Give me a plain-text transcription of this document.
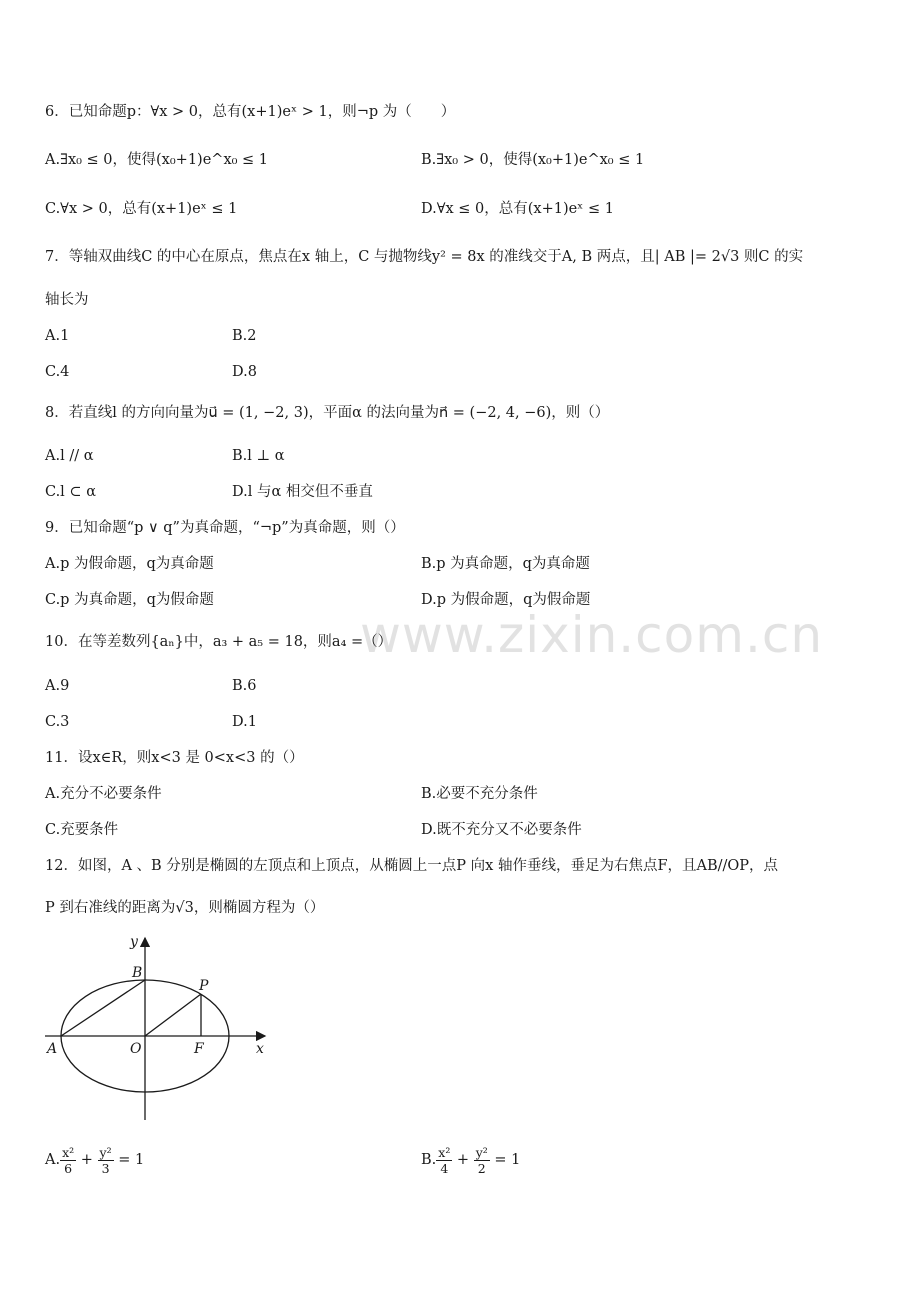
www.zixin.com.cn
6．已知命题p：∀x > 0，总有(x+1)eˣ > 1，则¬p 为（　　）
A.∃x₀ ≤ 0，使得(x₀+1)e^x₀ ≤ 1	B.∃x₀ > 0，使得(x₀+1)e^x₀ ≤ 1
C.∀x > 0，总有(x+1)eˣ ≤ 1	D.∀x ≤ 0，总有(x+1)eˣ ≤ 1
7．等轴双曲线C 的中心在原点，焦点在x 轴上，C 与抛物线y² = 8x 的准线交于A, B 两点，且| AB |= 2√3 则C 的实
轴长为
A.1	B.2
C.4	D.8
8．若直线l 的方向向量为u⃗ = (1, −2, 3)，平面α 的法向量为n⃗ = (−2, 4, −6)，则（）
A.l // α	B.l ⊥ α
C.l ⊂ α	D.l 与α 相交但不垂直
9．已知命题“p ∨ q”为真命题，“¬p”为真命题，则（）
A.p 为假命题，q为真命题	B.p 为真命题，q为真命题
C.p 为真命题，q为假命题	D.p 为假命题，q为假命题
10．在等差数列{aₙ}中，a₃ + a₅ = 18，则a₄ =（）
A.9	B.6
C.3	D.1
11．设x∈R，则x<3 是 0<x<3 的（）
A.充分不必要条件	B.必要不充分条件
C.充要条件	D.既不充分又不必要条件
12．如图，A 、B 分别是椭圆的左顶点和上顶点，从椭圆上一点P 向x 轴作垂线，垂足为右焦点F，且AB//OP，点
P 到右准线的距离为√3，则椭圆方程为（）
y
B
P
A	O	F	x
A. $\frac{\text{x²}}{6} + \frac{\text{y²}}{3} = 1$	B. $\frac{\text{x²}}{4} + \frac{\text{y²}}{2} = 1$
